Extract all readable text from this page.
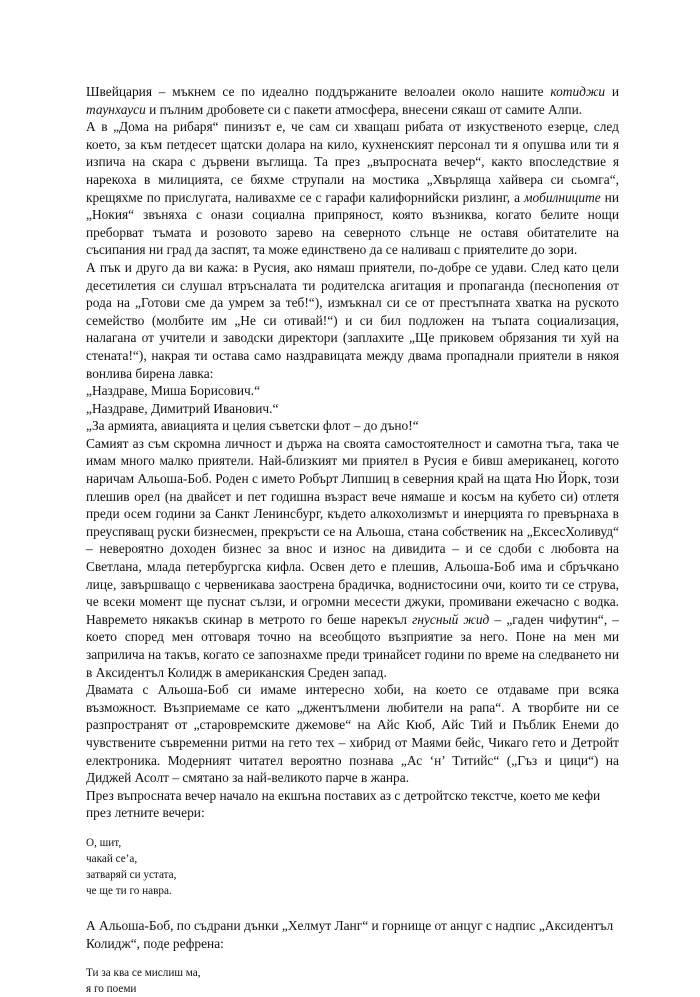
Швейцария – мъкнем се по идеално поддържаните велоалеи около нашите котиджи и таунхауси и пълним дробовете си с пакети атмосфера, внесени сякаш от самите Алпи.

А в „Дома на рибаря“ пинизът е, че сам си хващаш рибата от изкуственото езерце, след което, за към петдесет щатски долара на кило, кухненският персонал ти я опушва или ти я изпича на скара с дървени въглища. Та през „въпросната вечер“, както впоследствие я нарекоха в милицията, се бяхме струпали на мостика „Хвърляща хайвера си сьомга“, крещяхме по прислугата, наливахме се с гарафи калифорнийски ризлинг, а мобилниците ни „Нокия“ звъняха с онази социална припряност, която възниква, когато белите нощи преборват тъмата и розовото зарево на северното слънце не оставя обитателите на съсипания ни град да заспят, та може единствено да се наливаш с приятелите до зори.

А пък и друго да ви кажа: в Русия, ако нямаш приятели, по-добре се удави. След като цели десетилетия си слушал втръсналата ти родителска агитация и пропаганда (песнопения от рода на „Готови сме да умрем за теб!“), измъкнал си се от престъпната хватка на руското семейство (молбите им „Не си отивай!“) и си бил подложен на тъпата социализация, налагана от учители и заводски директори (заплахите „Ще приковем обрязания ти хуй на стената!“), накрая ти остава само наздравицата между двама пропаднали приятели в някоя вонлива бирена лавка:

„Наздраве, Миша Борисович.“

„Наздраве, Димитрий Иванович.“

„За армията, авиацията и целия съветски флот – до дъно!“

Самият аз съм скромна личност и държа на своята самостоятелност и самотна тъга, така че имам много малко приятели. Най-близкият ми приятел в Русия е бивш американец, когото наричам Альоша-Боб. Роден с името Робърт Липшиц в северния край на щата Ню Йорк, този плешив орел (на двайсет и пет годишна възраст вече нямаше и косъм на кубето си) отлетя преди осем години за Санкт Ленинсбург, където алкохолизмът и инерцията го превърнаха в преуспяващ руски бизнесмен, прекръсти се на Альоша, стана собственик на „ЕксесХоливуд“ – невероятно доходен бизнес за внос и износ на дивидита – и се сдоби с любовта на Светлана, млада петербургска кифла. Освен дето е плешив, Альоша-Боб има и сбръчкано лице, завършващо с червеникава заострена брадичка, воднистосини очи, които ти се струва, че всеки момент ще пуснат сълзи, и огромни месести джуки, промивани ежечасно с водка. Навремето някакъв скинар в метрото го беше нарекъл гнусный жид – „гаден чифутин“, – което според мен отговаря точно на всеобщото възприятие за него. Поне на мен ми заприлича на такъв, когато се запознахме преди тринайсет години по време на следването ни в Аксидентъл Колидж в американския Среден запад.

Двамата с Альоша-Боб си имаме интересно хоби, на което се отдаваме при всяка възможност. Възприемаме се като „джентълмени любители на рапа“. А творбите ни се разпространят от „старовремските джемове“ на Айс Кюб, Айс Тий и Пъблик Енеми до чувствените съвременни ритми на гето тех – хибрид от Маями бейс, Чикаго гето и Детройт електроника. Модерният читател вероятно познава „Ас ‘н’ Титийс“ („Гъз и цици“) на Диджей Асолт – смятано за най-великото парче в жанра.

През въпросната вечер начало на екшъна поставих аз с детройтско текстче, което ме кефи през летните вечери:

О, шит,
чакай се’а,
затваряй си устата,
че ще ти го навра.

А Альоша-Боб, по съдрани дънки „Хелмут Ланг“ и горнище от анцуг с надпис „Аксидентъл Колидж“, поде рефрена:

Ти за ква се мислиш ма,
я го поеми
